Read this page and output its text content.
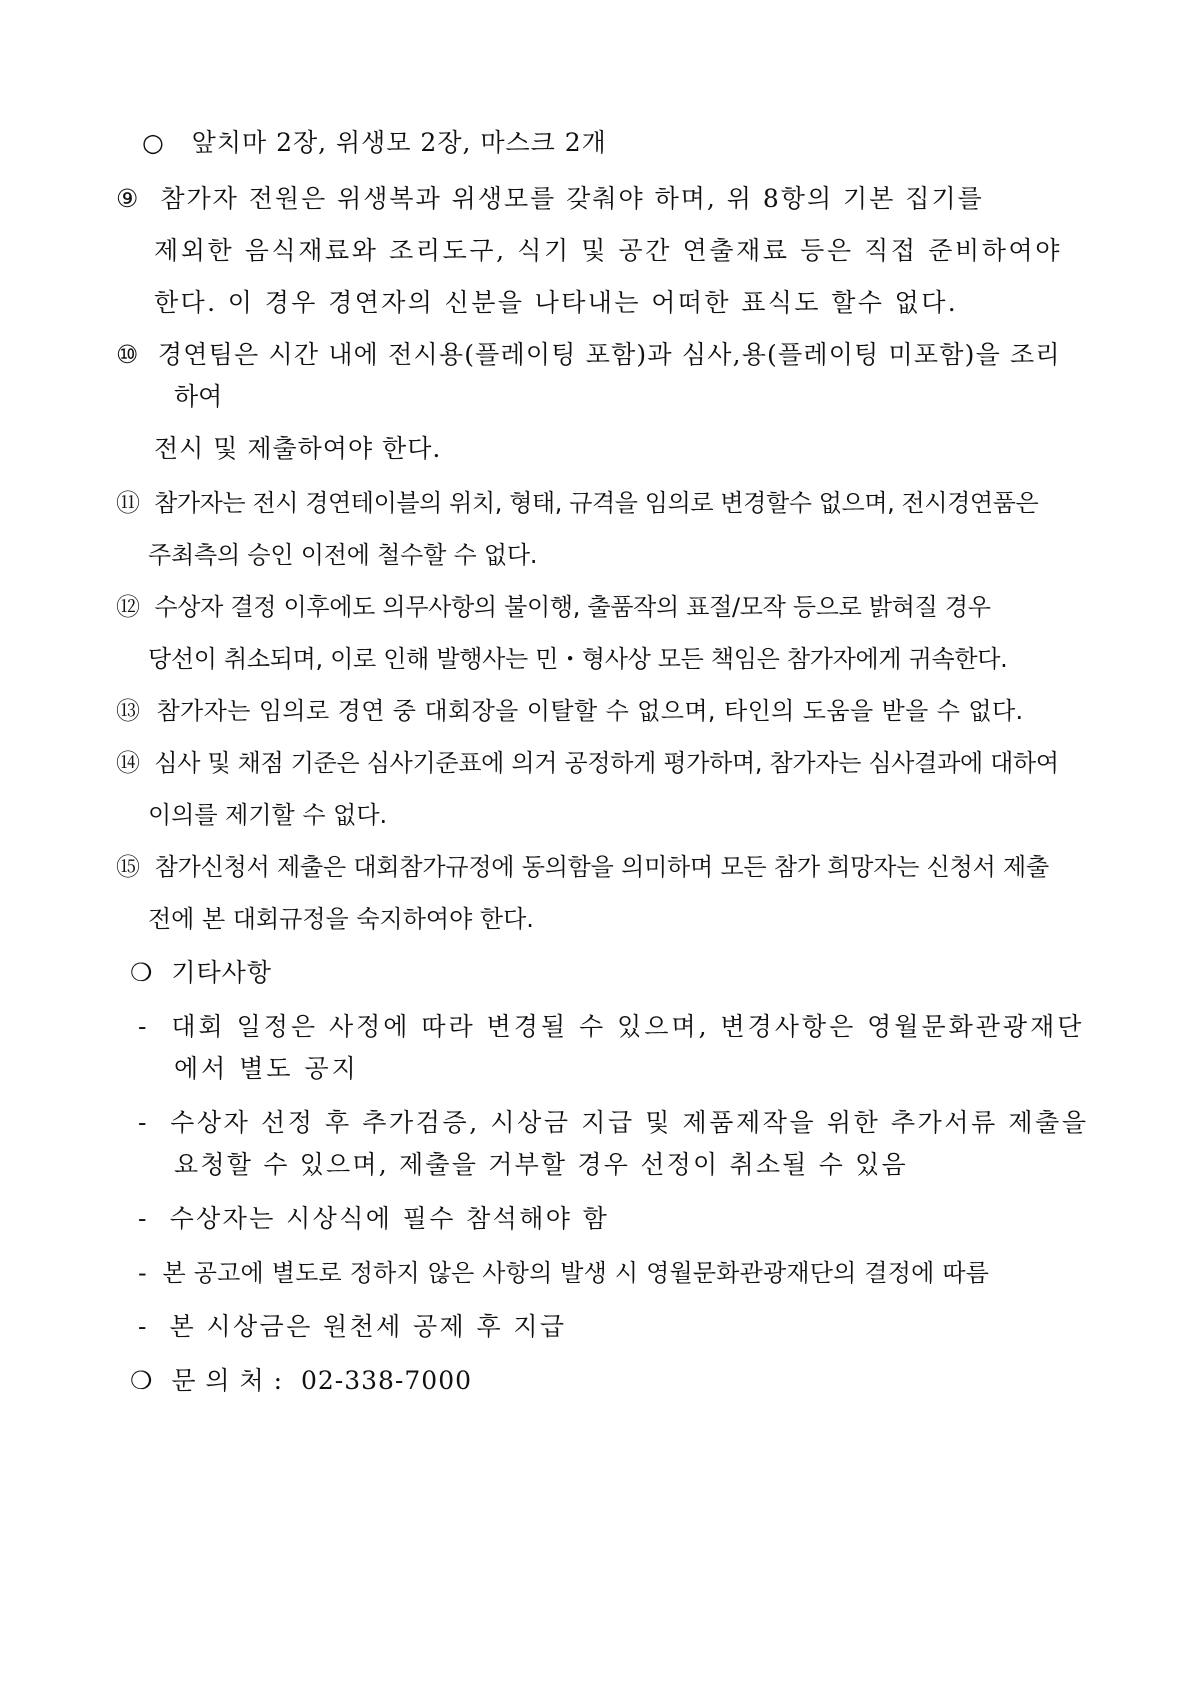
○ 앞치마 2장, 위생모 2장, 마스크 2개
⑨ 참가자 전원은 위생복과 위생모를 갖춰야 하며, 위 8항의 기본 집기를
제외한 음식재료와 조리도구, 식기 및 공간 연출재료 등은 직접 준비하여야
한다. 이 경우 경연자의 신분을 나타내는 어떠한 표식도 할수 없다.
⑩ 경연팀은 시간 내에 전시용(플레이팅 포함)과 심사,용(플레이팅 미포함)을 조리
하여
전시 및 제출하여야 한다.
⑪ 참가자는 전시 경연테이블의 위치, 형태, 규격을 임의로 변경할수 없으며, 전시경연품은
주최측의 승인 이전에 철수할 수 없다.
⑫ 수상자 결정 이후에도 의무사항의 불이행, 출품작의 표절/모작 등으로 밝혀질 경우
당선이 취소되며, 이로 인해 발행사는 민・형사상 모든 책임은 참가자에게 귀속한다.
⑬ 참가자는 임의로 경연 중 대회장을 이탈할 수 없으며, 타인의 도움을 받을 수 없다.
⑭ 심사 및 채점 기준은 심사기준표에 의거 공정하게 평가하며, 참가자는 심사결과에 대하여
이의를 제기할 수 없다.
⑮ 참가신청서 제출은 대회참가규정에 동의함을 의미하며 모든 참가 희망자는 신청서 제출
전에 본 대회규정을 숙지하여야 한다.
❍ 기타사항
- 대회 일정은 사정에 따라 변경될 수 있으며, 변경사항은 영월문화관광재단
에서 별도 공지
- 수상자 선정 후 추가검증, 시상금 지급 및 제품제작을 위한 추가서류 제출을
요청할 수 있으며, 제출을 거부할 경우 선정이 취소될 수 있음
- 수상자는 시상식에 필수 참석해야 함
- 본 공고에 별도로 정하지 않은 사항의 발생 시 영월문화관광재단의 결정에 따름
- 본 시상금은 원천세 공제 후 지급
❍ 문 의 처 : 02-338-7000
